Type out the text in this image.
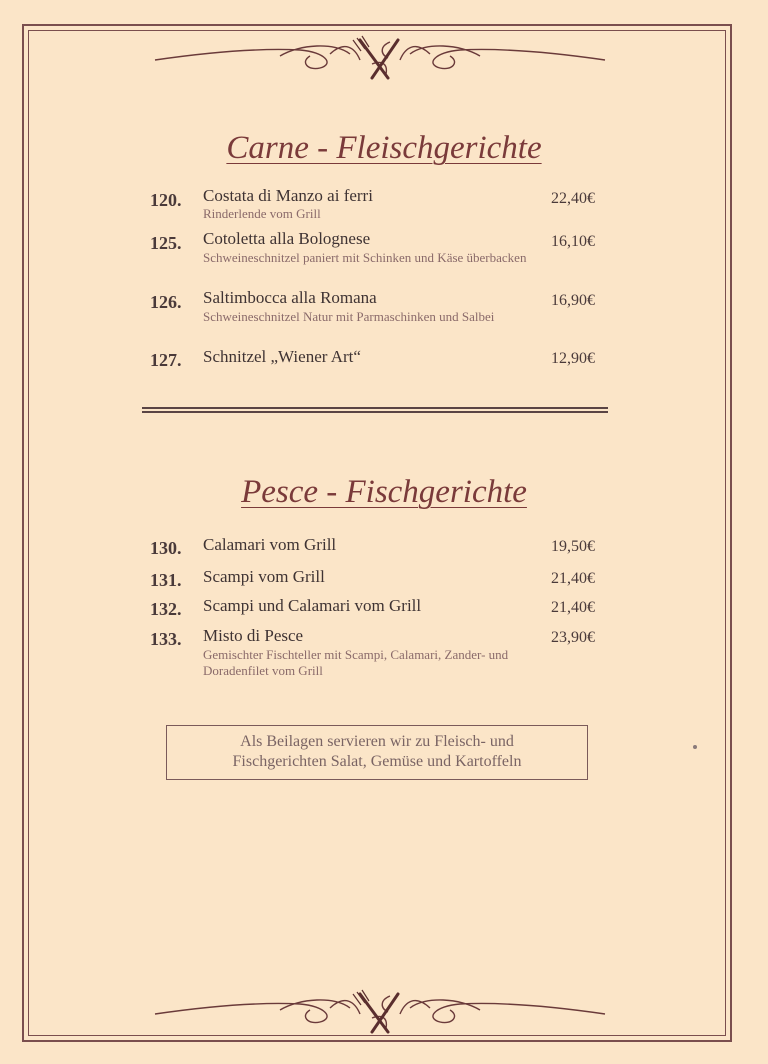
Carne - Fleischgerichte
120.	Costata di Manzo ai ferri	22,40€
Rinderlende vom Grill
125.	Cotoletta alla Bolognese	16,10€
Schweineschnitzel paniert mit Schinken und Käse überbacken
126.	Saltimbocca alla Romana	16,90€
Schweineschnitzel Natur mit Parmaschinken und Salbei
127.	Schnitzel „Wiener Art“	12,90€
Pesce - Fischgerichte
130.	Calamari vom Grill	19,50€
131.	Scampi vom Grill	21,40€
132.	Scampi und Calamari vom Grill	21,40€
133.	Misto di Pesce	23,90€
Gemischter Fischteller mit Scampi, Calamari, Zander- und Doradenfilet vom Grill
Als Beilagen servieren wir zu Fleisch- und
Fischgerichten Salat, Gemüse und Kartoffeln
